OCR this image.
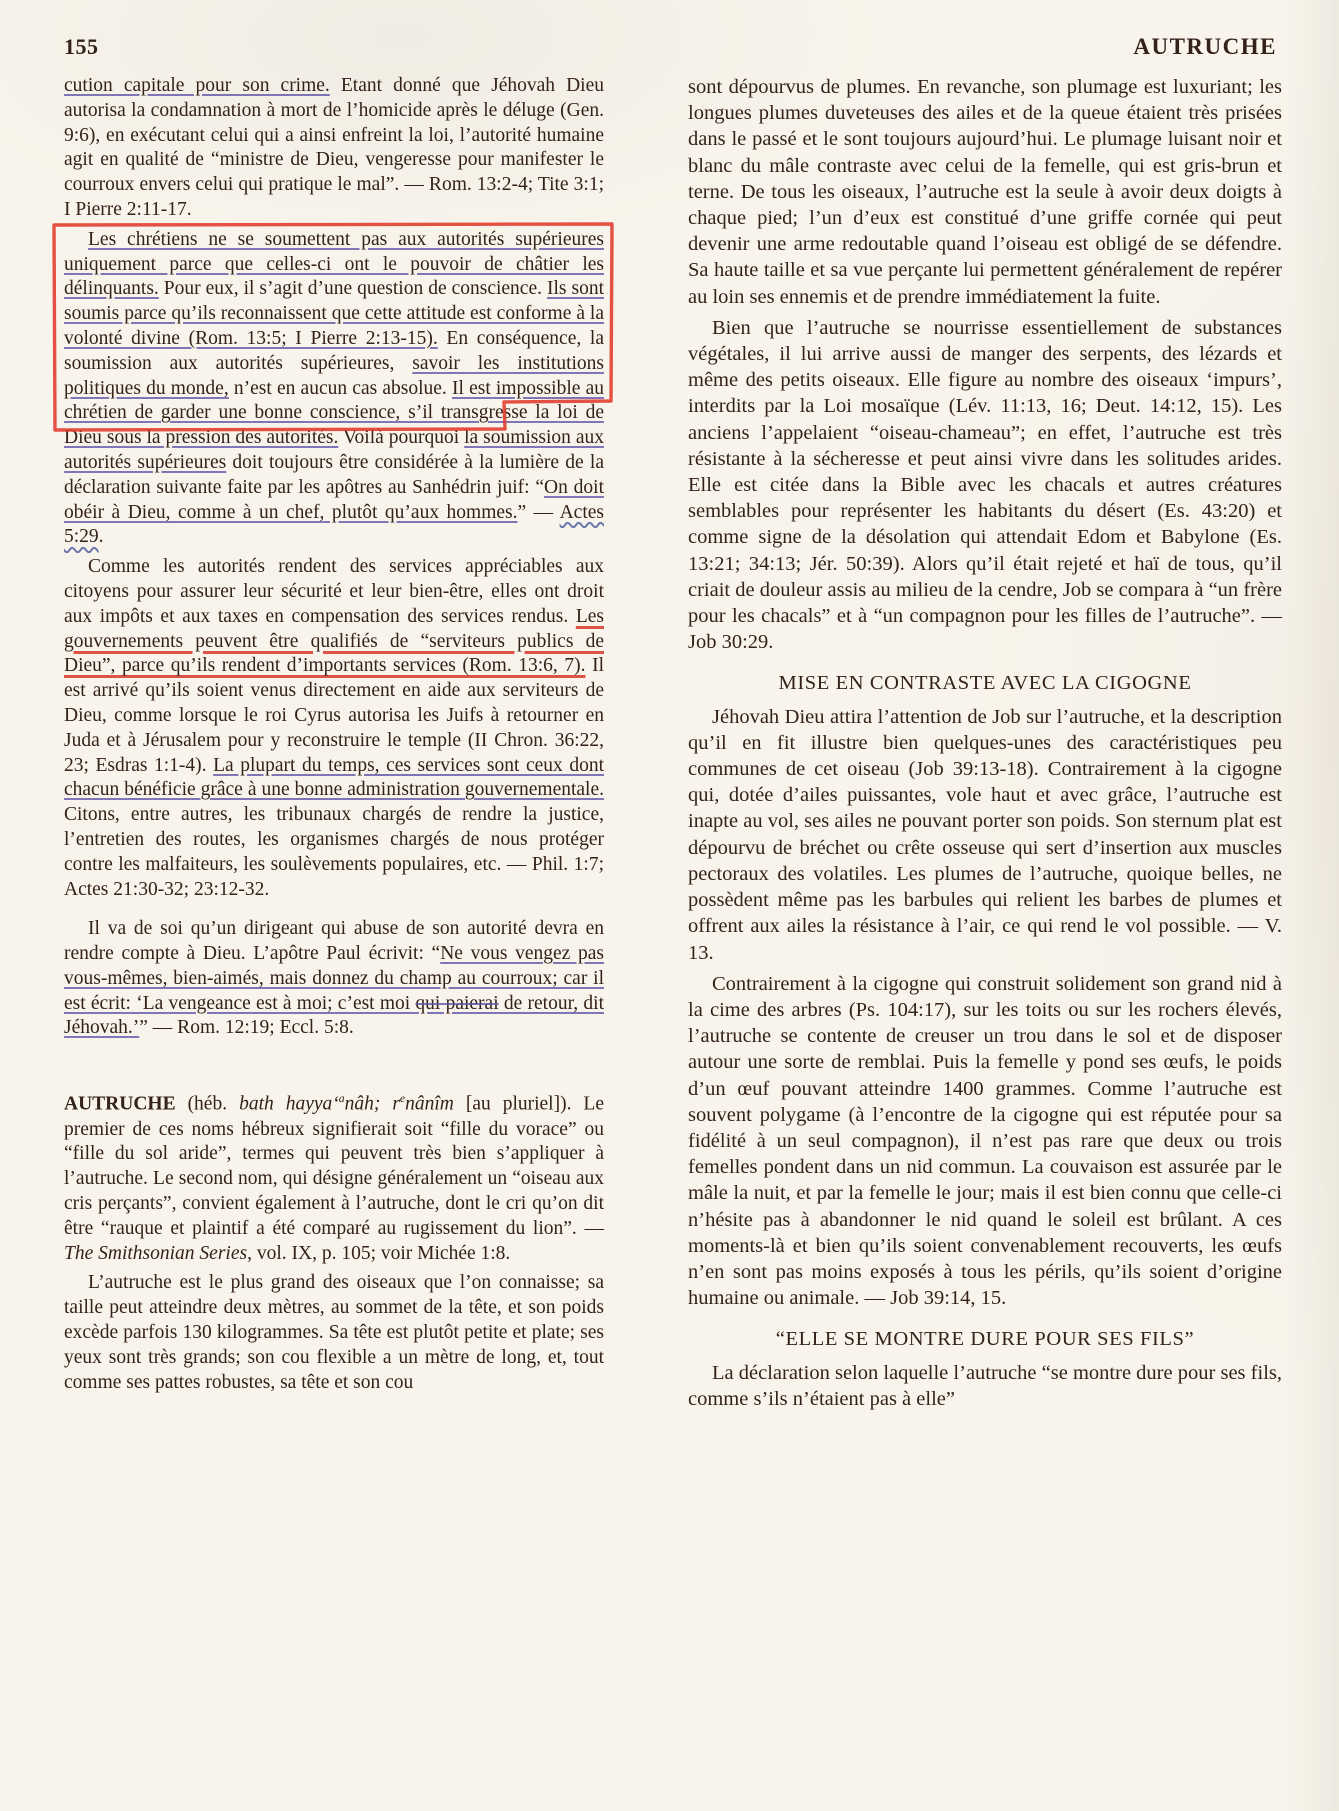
155	AUTRUCHE

cution capitale pour son crime. Etant donné que Jéhovah Dieu autorisa la condamnation à mort de l’homicide après le déluge (Gen. 9:6), en exécutant celui qui a ainsi enfreint la loi, l’autorité humaine agit en qualité de “ministre de Dieu, vengeresse pour manifester le courroux envers celui qui pratique le mal”. — Rom. 13:2-4; Tite 3:1; I Pierre 2:11-17.

Les chrétiens ne se soumettent pas aux autorités supérieures uniquement parce que celles-ci ont le pouvoir de châtier les délinquants. Pour eux, il s’agit d’une question de conscience. Ils sont soumis parce qu’ils reconnaissent que cette attitude est conforme à la volonté divine (Rom. 13:5; I Pierre 2:13-15). En conséquence, la soumission aux autorités supérieures, savoir les institutions politiques du monde, n’est en aucun cas absolue. Il est impossible au chrétien de garder une bonne conscience, s’il transgresse la loi de Dieu sous la pression des autorités. Voilà pourquoi la soumission aux autorités supérieures doit toujours être considérée à la lumière de la déclaration suivante faite par les apôtres au Sanhédrin juif: “On doit obéir à Dieu, comme à un chef, plutôt qu’aux hommes.” — Actes 5:29.

Comme les autorités rendent des services appréciables aux citoyens pour assurer leur sécurité et leur bien-être, elles ont droit aux impôts et aux taxes en compensation des services rendus. Les gouvernements peuvent être qualifiés de “serviteurs publics de Dieu”, parce qu’ils rendent d’importants services (Rom. 13:6, 7). Il est arrivé qu’ils soient venus directement en aide aux serviteurs de Dieu, comme lorsque le roi Cyrus autorisa les Juifs à retourner en Juda et à Jérusalem pour y reconstruire le temple (II Chron. 36:22, 23; Esdras 1:1-4). La plupart du temps, ces services sont ceux dont chacun bénéficie grâce à une bonne administration gouvernementale. Citons, entre autres, les tribunaux chargés de rendre la justice, l’entretien des routes, les organismes chargés de nous protéger contre les malfaiteurs, les soulèvements populaires, etc. — Phil. 1:7; Actes 21:30-32; 23:12-32.

Il va de soi qu’un dirigeant qui abuse de son autorité devra en rendre compte à Dieu. L’apôtre Paul écrivit: “Ne vous vengez pas vous-mêmes, bien-aimés, mais donnez du champ au courroux; car il est écrit: ‘La vengeance est à moi; c’est moi qui paierai de retour, dit Jéhovah.’” — Rom. 12:19; Eccl. 5:8.

AUTRUCHE (héb. bath hayya‘$^a$nâh; $r^enânîm$ [au pluriel]). Le premier de ces noms hébreux signifierait soit “fille du vorace” ou “fille du sol aride”, termes qui peuvent très bien s’appliquer à l’autruche. Le second nom, qui désigne généralement un “oiseau aux cris perçants”, convient également à l’autruche, dont le cri qu’on dit être “rauque et plaintif a été comparé au rugissement du lion”. — The Smithsonian Series, vol. IX, p. 105; voir Michée 1:8.

L’autruche est le plus grand des oiseaux que l’on connaisse; sa taille peut atteindre deux mètres, au sommet de la tête, et son poids excède parfois 130 kilogrammes. Sa tête est plutôt petite et plate; ses yeux sont très grands; son cou flexible a un mètre de long, et, tout comme ses pattes robustes, sa tête et son cou

sont dépourvus de plumes. En revanche, son plumage est luxuriant; les longues plumes duveteuses des ailes et de la queue étaient très prisées dans le passé et le sont toujours aujourd’hui. Le plumage luisant noir et blanc du mâle contraste avec celui de la femelle, qui est gris-brun et terne. De tous les oiseaux, l’autruche est la seule à avoir deux doigts à chaque pied; l’un d’eux est constitué d’une griffe cornée qui peut devenir une arme redoutable quand l’oiseau est obligé de se défendre. Sa haute taille et sa vue perçante lui permettent généralement de repérer au loin ses ennemis et de prendre immédiatement la fuite.

Bien que l’autruche se nourrisse essentiellement de substances végétales, il lui arrive aussi de manger des serpents, des lézards et même des petits oiseaux. Elle figure au nombre des oiseaux ‘impurs’, interdits par la Loi mosaïque (Lév. 11:13, 16; Deut. 14:12, 15). Les anciens l’appelaient “oiseau-chameau”; en effet, l’autruche est très résistante à la sécheresse et peut ainsi vivre dans les solitudes arides. Elle est citée dans la Bible avec les chacals et autres créatures semblables pour représenter les habitants du désert (Es. 43:20) et comme signe de la désolation qui attendait Edom et Babylone (Es. 13:21; 34:13; Jér. 50:39). Alors qu’il était rejeté et haï de tous, qu’il criait de douleur assis au milieu de la cendre, Job se compara à “un frère pour les chacals” et à “un compagnon pour les filles de l’autruche”. — Job 30:29.

MISE EN CONTRASTE AVEC LA CIGOGNE

Jéhovah Dieu attira l’attention de Job sur l’autruche, et la description qu’il en fit illustre bien quelques-unes des caractéristiques peu communes de cet oiseau (Job 39:13-18). Contrairement à la cigogne qui, dotée d’ailes puissantes, vole haut et avec grâce, l’autruche est inapte au vol, ses ailes ne pouvant porter son poids. Son sternum plat est dépourvu de bréchet ou crête osseuse qui sert d’insertion aux muscles pectoraux des volatiles. Les plumes de l’autruche, quoique belles, ne possèdent même pas les barbules qui relient les barbes de plumes et offrent aux ailes la résistance à l’air, ce qui rend le vol possible. — V. 13.

Contrairement à la cigogne qui construit solidement son grand nid à la cime des arbres (Ps. 104:17), sur les toits ou sur les rochers élevés, l’autruche se contente de creuser un trou dans le sol et de disposer autour une sorte de remblai. Puis la femelle y pond ses œufs, le poids d’un œuf pouvant atteindre 1400 grammes. Comme l’autruche est souvent polygame (à l’encontre de la cigogne qui est réputée pour sa fidélité à un seul compagnon), il n’est pas rare que deux ou trois femelles pondent dans un nid commun. La couvaison est assurée par le mâle la nuit, et par la femelle le jour; mais il est bien connu que celle-ci n’hésite pas à abandonner le nid quand le soleil est brûlant. A ces moments-là et bien qu’ils soient convenablement recouverts, les œufs n’en sont pas moins exposés à tous les périls, qu’ils soient d’origine humaine ou animale. — Job 39:14, 15.

“ELLE SE MONTRE DURE POUR SES FILS”

La déclaration selon laquelle l’autruche “se montre dure pour ses fils, comme s’ils n’étaient pas à elle”
